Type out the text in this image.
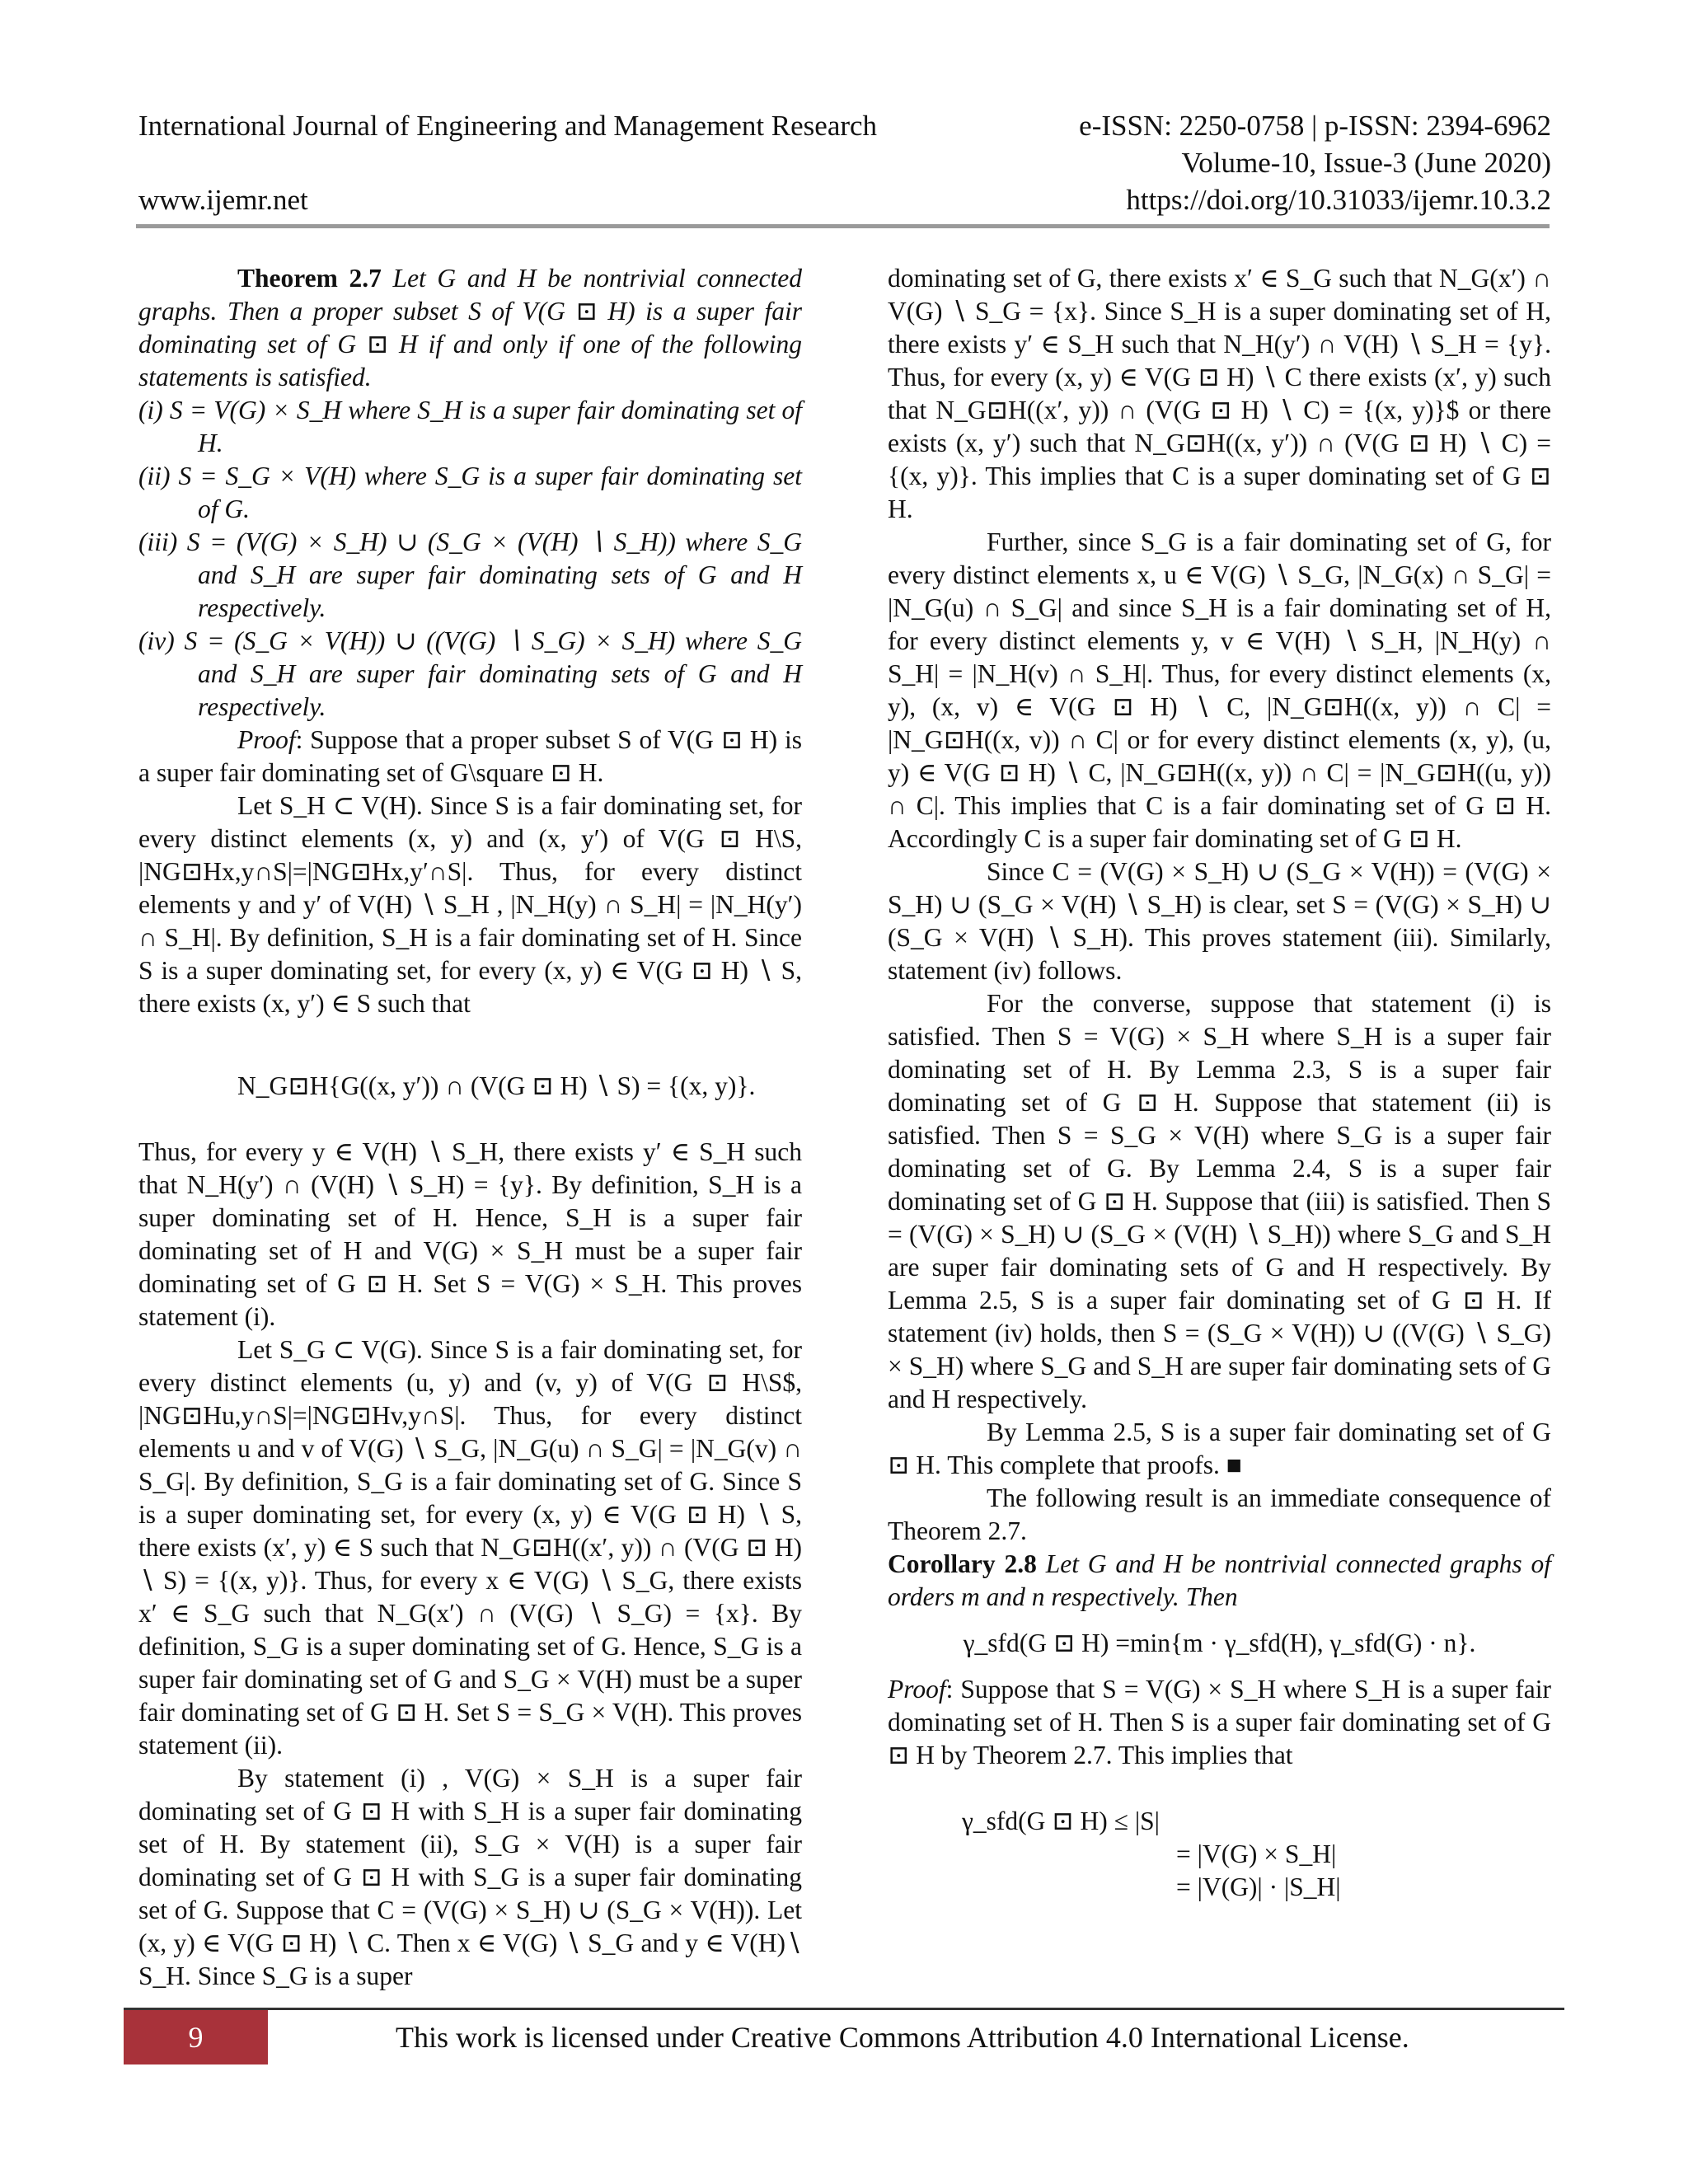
International Journal of Engineering and Management Research	e-ISSN: 2250-0758 | p-ISSN: 2394-6962
Volume-10, Issue-3 (June 2020)
www.ijemr.net	https://doi.org/10.31033/ijemr.10.3.2

Theorem 2.7 Let G and H be nontrivial connected graphs. Then a proper subset S of V(G ⊡ H) is a super fair dominating set of G ⊡ H if and only if one of the following statements is satisfied.

(i) S = V(G) × S_H where S_H is a super fair dominating set of H.

(ii) S = S_G × V(H) where S_G is a super fair dominating set of G.

(iii) S = (V(G) × S_H) ∪ (S_G × (V(H) ∖ S_H)) where S_G and S_H are super fair dominating sets of G and H respectively.

(iv) S = (S_G × V(H)) ∪ ((V(G) ∖ S_G) × S_H) where S_G and S_H are super fair dominating sets of G and H respectively.

Proof: Suppose that a proper subset S of V(G ⊡ H) is a super fair dominating set of G\square ⊡ H.

Let S_H ⊂ V(H). Since S is a fair dominating set, for every distinct elements (x, y) and (x, y′) of V(G ⊡ H\S, |NG⊡Hx,y∩S|=|NG⊡Hx,y′∩S|. Thus, for every distinct elements y and y′ of V(H) ∖ S_H , |N_H(y) ∩ S_H| = |N_H(y′) ∩ S_H|. By definition, S_H is a fair dominating set of H. Since S is a super dominating set, for every (x, y) ∈ V(G ⊡ H) ∖ S, there exists (x, y′) ∈ S such that

N_G⊡H{G((x, y′)) ∩ (V(G ⊡ H) ∖ S) = {(x, y)}.

Thus, for every y ∈ V(H) ∖ S_H, there exists y′ ∈ S_H such that N_H(y′) ∩ (V(H) ∖ S_H) = {y}. By definition, S_H is a super dominating set of H. Hence, S_H is a super fair dominating set of H and V(G) × S_H must be a super fair dominating set of G ⊡ H. Set S = V(G) × S_H. This proves statement (i).

Let S_G ⊂ V(G). Since S is a fair dominating set, for every distinct elements (u, y) and (v, y) of V(G ⊡ H\S$, |NG⊡Hu,y∩S|=|NG⊡Hv,y∩S|. Thus, for every distinct elements u and v of V(G) ∖ S_G, |N_G(u) ∩ S_G| = |N_G(v) ∩ S_G|. By definition, S_G is a fair dominating set of G. Since S is a super dominating set, for every (x, y) ∈ V(G ⊡ H) ∖ S, there exists (x′, y) ∈ S such that N_G⊡H((x′, y)) ∩ (V(G ⊡ H) ∖ S) = {(x, y)}. Thus, for every x ∈ V(G) ∖ S_G, there exists x′ ∈ S_G such that N_G(x′) ∩ (V(G) ∖ S_G) = {x}. By definition, S_G is a super dominating set of G. Hence, S_G is a super fair dominating set of G and S_G × V(H) must be a super fair dominating set of G ⊡ H. Set S = S_G × V(H). This proves statement (ii).

By statement (i) , V(G) × S_H is a super fair dominating set of G ⊡ H with S_H is a super fair dominating set of H. By statement (ii), S_G × V(H) is a super fair dominating set of G ⊡ H with S_G is a super fair dominating set of G. Suppose that C = (V(G) × S_H) ∪ (S_G × V(H)). Let (x, y) ∈ V(G ⊡ H) ∖ C. Then x ∈ V(G) ∖ S_G and y ∈ V(H)∖ S_H. Since S_G is a super

dominating set of G, there exists x′ ∈ S_G such that N_G(x′) ∩ V(G) ∖ S_G = {x}. Since S_H is a super dominating set of H, there exists y′ ∈ S_H such that N_H(y′) ∩ V(H) ∖ S_H = {y}. Thus, for every (x, y) ∈ V(G ⊡ H) ∖ C there exists (x′, y) such that N_G⊡H((x′, y)) ∩ (V(G ⊡ H) ∖ C) = {(x, y)}$ or there exists (x, y′) such that N_G⊡H((x, y′)) ∩ (V(G ⊡ H) ∖ C) = {(x, y)}. This implies that C is a super dominating set of G ⊡ H.

Further, since S_G is a fair dominating set of G, for every distinct elements x, u ∈ V(G) ∖ S_G, |N_G(x) ∩ S_G| = |N_G(u) ∩ S_G| and since S_H is a fair dominating set of H, for every distinct elements y, v ∈ V(H) ∖ S_H, |N_H(y) ∩ S_H| = |N_H(v) ∩ S_H|. Thus, for every distinct elements (x, y), (x, v) ∈ V(G ⊡ H) ∖ C, |N_G⊡H((x, y)) ∩ C| = |N_G⊡H((x, v)) ∩ C| or for every distinct elements (x, y), (u, y) ∈ V(G ⊡ H) ∖ C, |N_G⊡H((x, y)) ∩ C| = |N_G⊡H((u, y)) ∩ C|. This implies that C is a fair dominating set of G ⊡ H. Accordingly C is a super fair dominating set of G ⊡ H.

Since C = (V(G) × S_H) ∪ (S_G × V(H)) = (V(G) × S_H) ∪ (S_G × V(H) ∖ S_H) is clear, set S = (V(G) × S_H) ∪ (S_G × V(H) ∖ S_H). This proves statement (iii). Similarly, statement (iv) follows.

For the converse, suppose that statement (i) is satisfied. Then S = V(G) × S_H where S_H is a super fair dominating set of H. By Lemma 2.3, S is a super fair dominating set of G ⊡ H. Suppose that statement (ii) is satisfied. Then S = S_G × V(H) where S_G is a super fair dominating set of G. By Lemma 2.4, S is a super fair dominating set of G ⊡ H. Suppose that (iii) is satisfied. Then S = (V(G) × S_H) ∪ (S_G × (V(H) ∖ S_H)) where S_G and S_H are super fair dominating sets of G and H respectively. By Lemma 2.5, S is a super fair dominating set of G ⊡ H. If statement (iv) holds, then S = (S_G × V(H)) ∪ ((V(G) ∖ S_G) × S_H) where S_G and S_H are super fair dominating sets of G and H respectively.

By Lemma 2.5, S is a super fair dominating set of G ⊡ H. This complete that proofs. ■

The following result is an immediate consequence of Theorem 2.7.

Corollary 2.8 Let G and H be nontrivial connected graphs of orders m and n respectively. Then

γ_sfd(G ⊡ H) =min{m · γ_sfd(H), γ_sfd(G) · n}.

Proof: Suppose that S = V(G) × S_H where S_H is a super fair dominating set of H. Then S is a super fair dominating set of G ⊡ H by Theorem 2.7. This implies that

γ_sfd(G ⊡ H) ≤ |S|

= |V(G) × S_H|

= |V(G)| · |S_H|

9	This work is licensed under Creative Commons Attribution 4.0 International License.
